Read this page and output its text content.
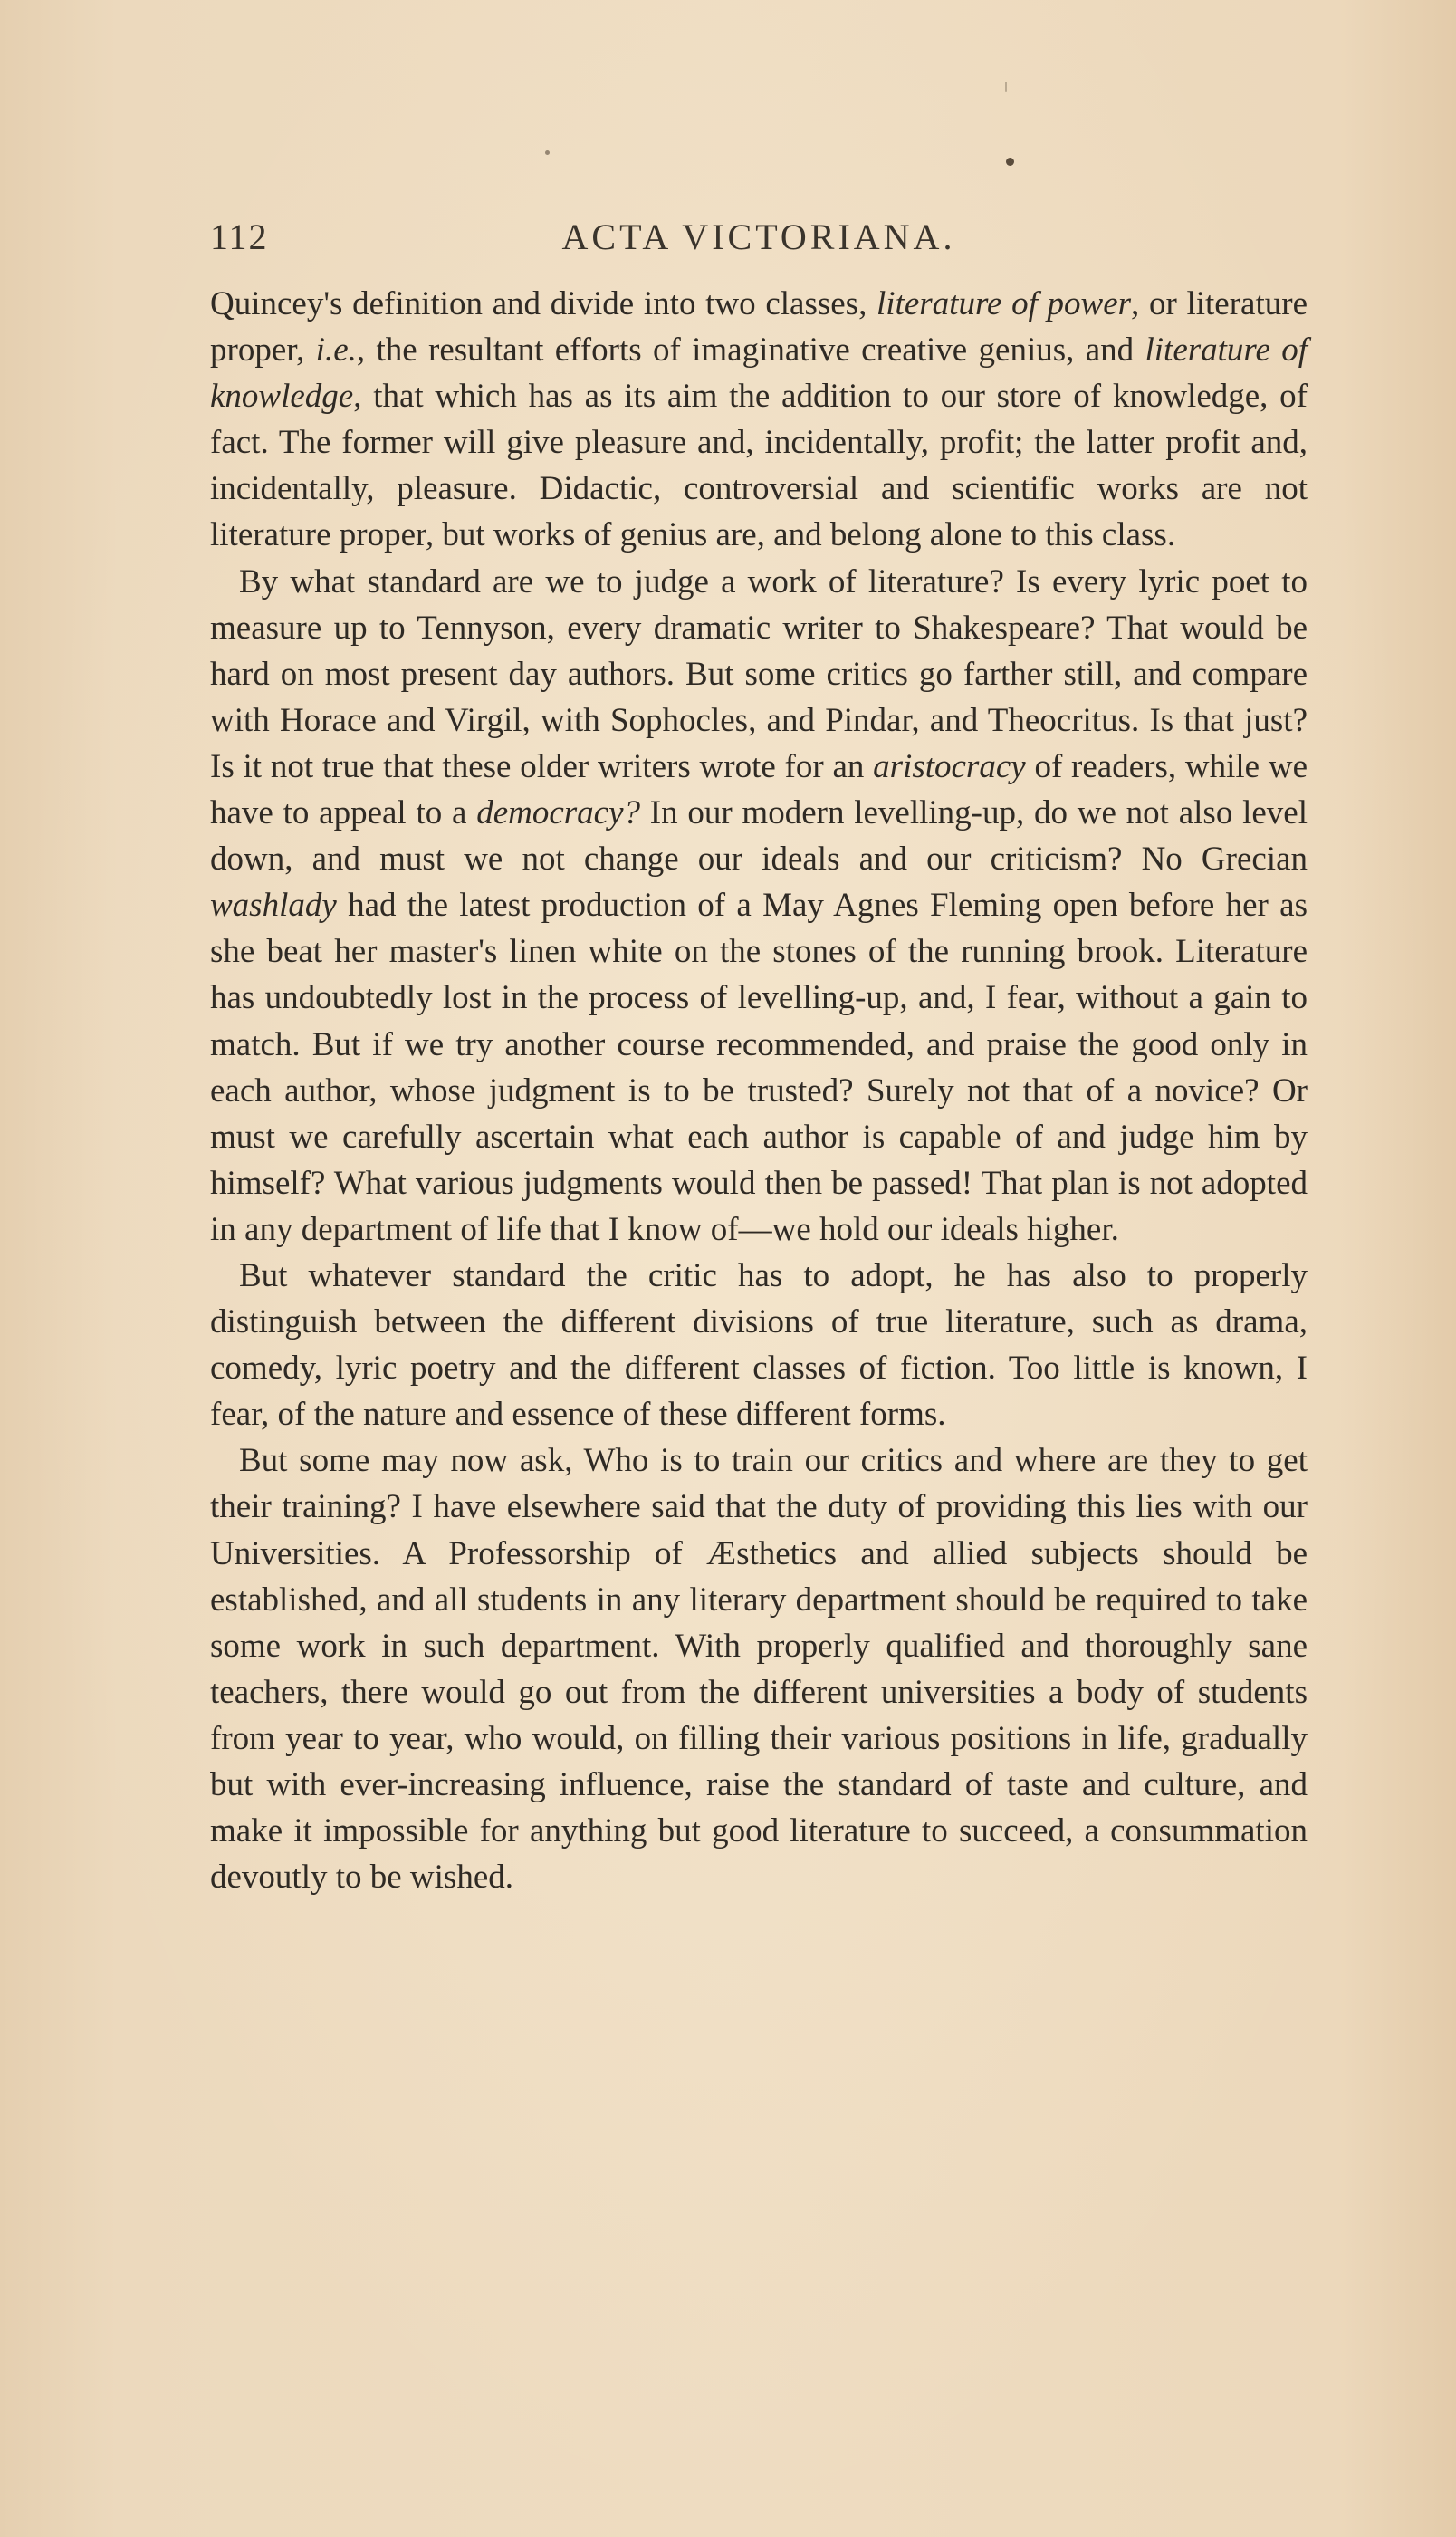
112	ACTA VICTORIANA.

Quincey's definition and divide into two classes, literature of power, or literature proper, i.e., the resultant efforts of imaginative creative genius, and literature of knowledge, that which has as its aim the addition to our store of knowledge, of fact. The former will give pleasure and, incidentally, profit; the latter profit and, incidentally, pleasure. Didactic, controversial and scientific works are not literature proper, but works of genius are, and belong alone to this class.

By what standard are we to judge a work of literature? Is every lyric poet to measure up to Tennyson, every dramatic writer to Shakespeare? That would be hard on most present day authors. But some critics go farther still, and compare with Horace and Virgil, with Sophocles, and Pindar, and Theocritus. Is that just? Is it not true that these older writers wrote for an aristocracy of readers, while we have to appeal to a democracy? In our modern levelling-up, do we not also level down, and must we not change our ideals and our criticism? No Grecian washlady had the latest production of a May Agnes Fleming open before her as she beat her master's linen white on the stones of the running brook. Literature has undoubtedly lost in the process of levelling-up, and, I fear, without a gain to match. But if we try another course recommended, and praise the good only in each author, whose judgment is to be trusted? Surely not that of a novice? Or must we carefully ascertain what each author is capable of and judge him by himself? What various judgments would then be passed! That plan is not adopted in any department of life that I know of—we hold our ideals higher.

But whatever standard the critic has to adopt, he has also to properly distinguish between the different divisions of true literature, such as drama, comedy, lyric poetry and the different classes of fiction. Too little is known, I fear, of the nature and essence of these different forms.

But some may now ask, Who is to train our critics and where are they to get their training? I have elsewhere said that the duty of providing this lies with our Universities. A Professorship of Æsthetics and allied subjects should be established, and all students in any literary department should be required to take some work in such department. With properly qualified and thoroughly sane teachers, there would go out from the different universities a body of students from year to year, who would, on filling their various positions in life, gradually but with ever-increasing influence, raise the standard of taste and culture, and make it impossible for anything but good literature to succeed, a consummation devoutly to be wished.
